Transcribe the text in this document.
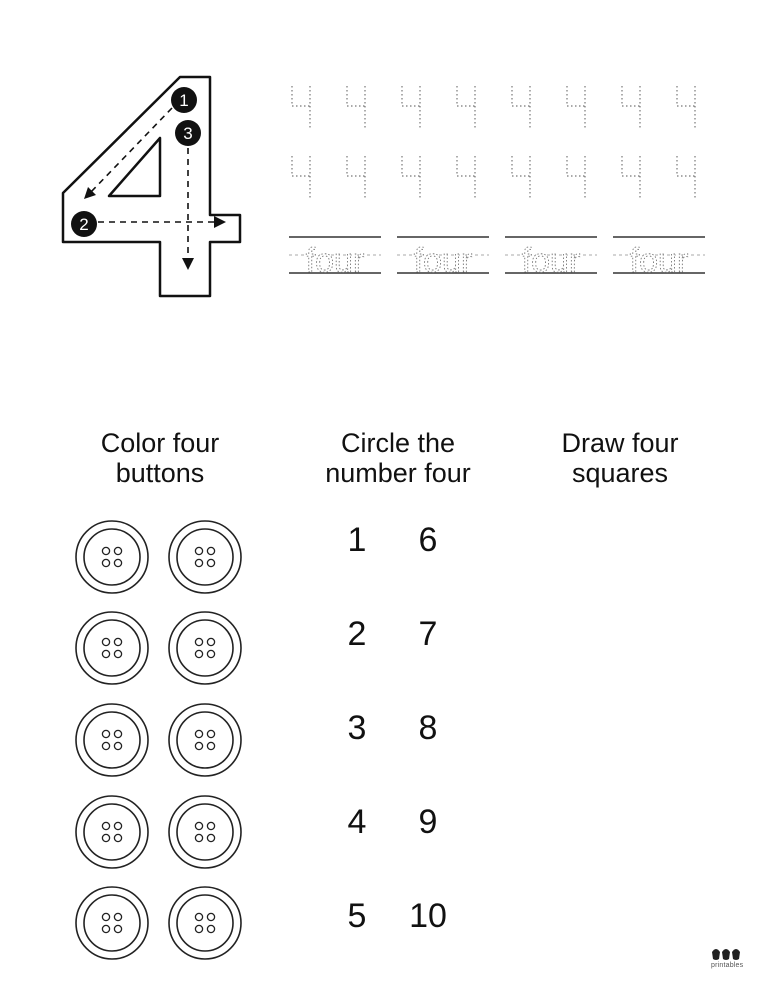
1
3
2
four four four four
Color four
buttons
Circle the
number four
Draw four
squares
1
2
3
4
5
6
7
8
9
10
printables
